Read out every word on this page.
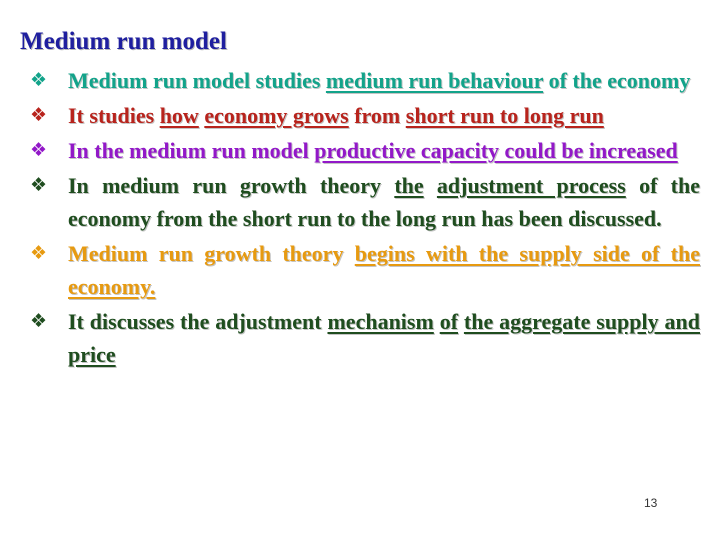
Medium run model
❖ Medium run model studies medium run behaviour of the economy
❖ It studies how economy grows from short run to long run
❖ In the medium run model productive capacity could be increased
❖ In medium run growth theory the adjustment process of the economy from the short run to the long run has been discussed.
❖ Medium run growth theory begins with the supply side of the economy.
❖ It discusses the adjustment mechanism of the aggregate supply and price
13
